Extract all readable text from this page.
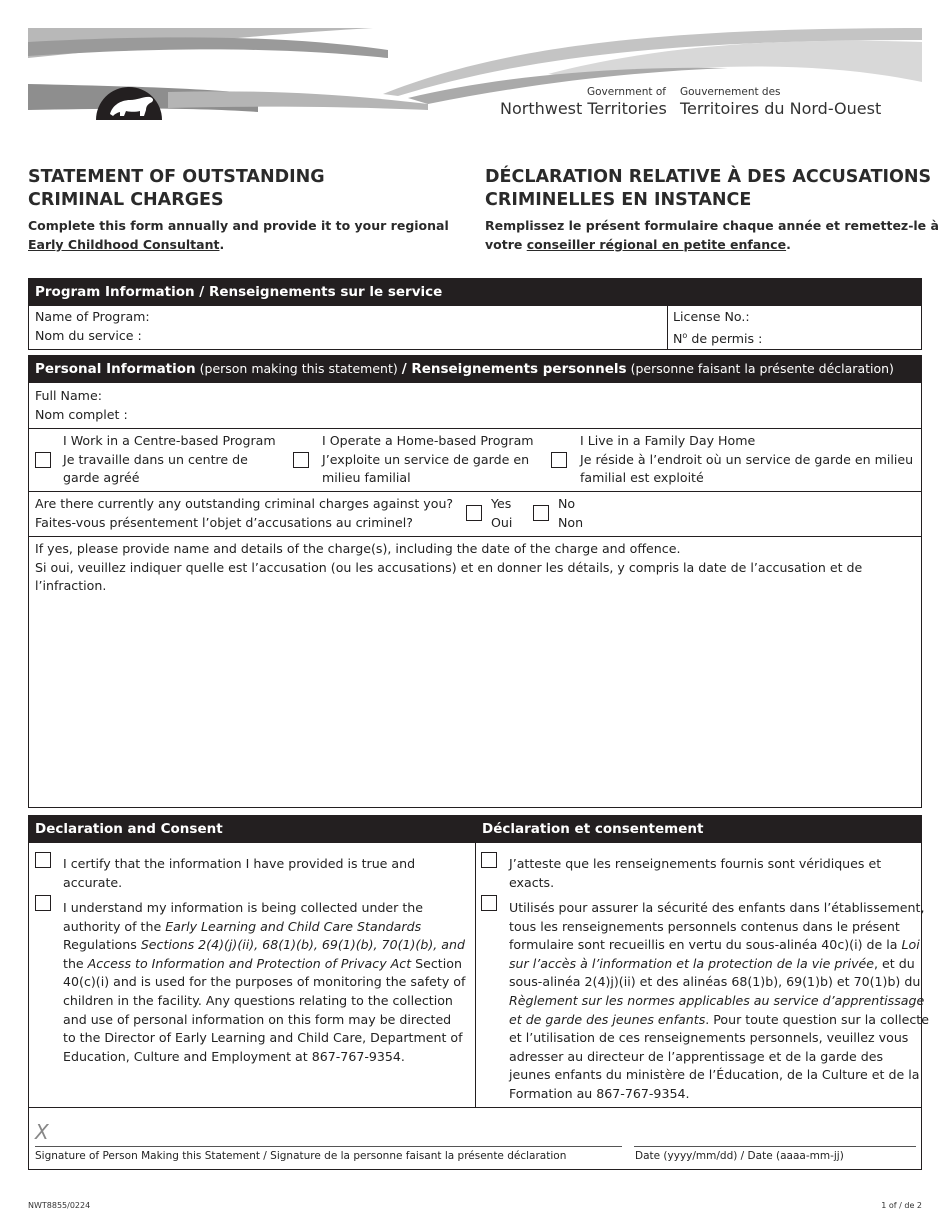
Government of
Northwest Territories
Gouvernement des
Territoires du Nord-Ouest
STATEMENT OF OUTSTANDING
CRIMINAL CHARGES
DÉCLARATION RELATIVE À DES ACCUSATIONS
CRIMINELLES EN INSTANCE
Complete this form annually and provide it to your regional
Early Childhood Consultant.
Remplissez le présent formulaire chaque année et remettez-le à
votre conseiller régional en petite enfance.
Program Information / Renseignements sur le service
Name of Program:
Nom du service :
License No.:
$N^o$ de permis :
Personal Information (person making this statement) / Renseignements personnels (personne faisant la présente déclaration)
Full Name:
Nom complet :
I Work in a Centre-based Program
Je travaille dans un centre de
garde agréé
I Operate a Home-based Program
J’exploite un service de garde en
milieu familial
I Live in a Family Day Home
Je réside à l’endroit où un service de garde en milieu
familial est exploité
Are there currently any outstanding criminal charges against you?
Faites-vous présentement l’objet d’accusations au criminel?
Yes
Oui
No
Non
If yes, please provide name and details of the charge(s), including the date of the charge and offence.
Si oui, veuillez indiquer quelle est l’accusation (ou les accusations) et en donner les détails, y compris la date de l’accusation et de
l’infraction.
Declaration and Consent	Déclaration et consentement
I certify that the information I have provided is true and
accurate.
I understand my information is being collected under the
authority of the Early Learning and Child Care Standards
Regulations Sections 2(4)(j)(ii), 68(1)(b), 69(1)(b), 70(1)(b), and
the Access to Information and Protection of Privacy Act Section
40(c)(i) and is used for the purposes of monitoring the safety of
children in the facility. Any questions relating to the collection
and use of personal information on this form may be directed
to the Director of Early Learning and Child Care, Department of
Education, Culture and Employment at 867-767-9354.
J’atteste que les renseignements fournis sont véridiques et
exacts.
Utilisés pour assurer la sécurité des enfants dans l’établissement,
tous les renseignements personnels contenus dans le présent
formulaire sont recueillis en vertu du sous-alinéa 40c)(i) de la Loi
sur l’accès à l’information et la protection de la vie privée, et du
sous-alinéa 2(4)j)(ii) et des alinéas 68(1)b), 69(1)b) et 70(1)b) du
Règlement sur les normes applicables au service d’apprentissage
et de garde des jeunes enfants. Pour toute question sur la collecte
et l’utilisation de ces renseignements personnels, veuillez vous
adresser au directeur de l’apprentissage et de la garde des
jeunes enfants du ministère de l’Éducation, de la Culture et de la
Formation au 867-767-9354.
X
Signature of Person Making this Statement / Signature de la personne faisant la présente déclaration	Date (yyyy/mm/dd) / Date (aaaa-mm-jj)
NWT8855/0224	1 of / de 2
